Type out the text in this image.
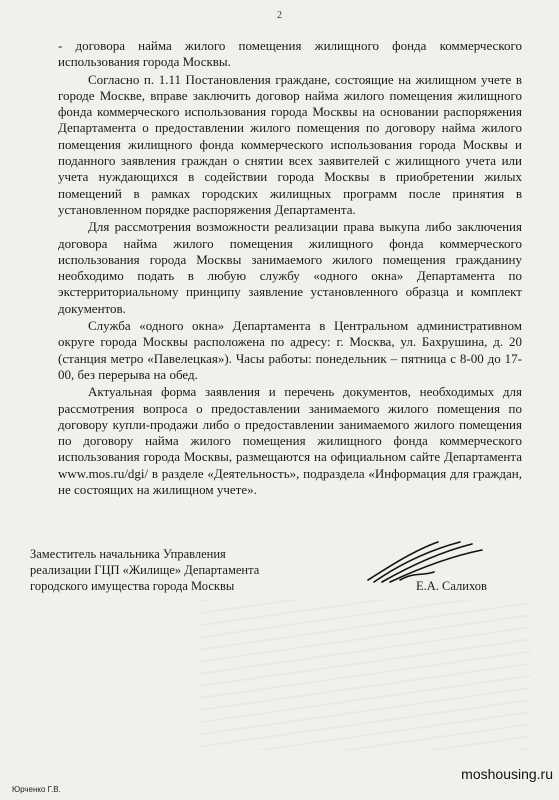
2

- договора найма жилого помещения жилищного фонда коммерческого использования города Москвы.

Согласно п. 1.11 Постановления граждане, состоящие на жилищном учете в городе Москве, вправе заключить договор найма жилого помещения жилищного фонда коммерческого использования города Москвы на основании распоряжения Департамента о предоставлении жилого помещения по договору найма жилого помещения жилищного фонда коммерческого использования города Москвы и поданного заявления граждан о снятии всех заявителей с жилищного учета или учета нуждающихся в содействии города Москвы в приобретении жилых помещений в рамках городских жилищных программ после принятия в установленном порядке распоряжения Департамента.

Для рассмотрения возможности реализации права выкупа либо заключения договора найма жилого помещения жилищного фонда коммерческого использования города Москвы занимаемого жилого помещения гражданину необходимо подать в любую службу «одного окна» Департамента по экстерриториальному принципу заявление установленного образца и комплект документов.

Служба «одного окна» Департамента в Центральном административном округе города Москвы расположена по адресу: г. Москва, ул. Бахрушина, д. 20 (станция метро «Павелецкая»). Часы работы: понедельник – пятница с 8-00 до 17-00, без перерыва на обед.

Актуальная форма заявления и перечень документов, необходимых для рассмотрения вопроса о предоставлении занимаемого жилого помещения по договору купли-продажи либо о предоставлении занимаемого жилого помещения по договору найма жилого помещения жилищного фонда коммерческого использования города Москвы, размещаются на официальном сайте Департамента www.mos.ru/dgi/ в разделе «Деятельность», подраздела «Информация для граждан, не состоящих на жилищном учете».

Заместитель начальника Управления
реализации ГЦП «Жилище» Департамента
городского имущества города Москвы	Е.А. Салихов
Юрченко Г.В.
moshousing.ru
